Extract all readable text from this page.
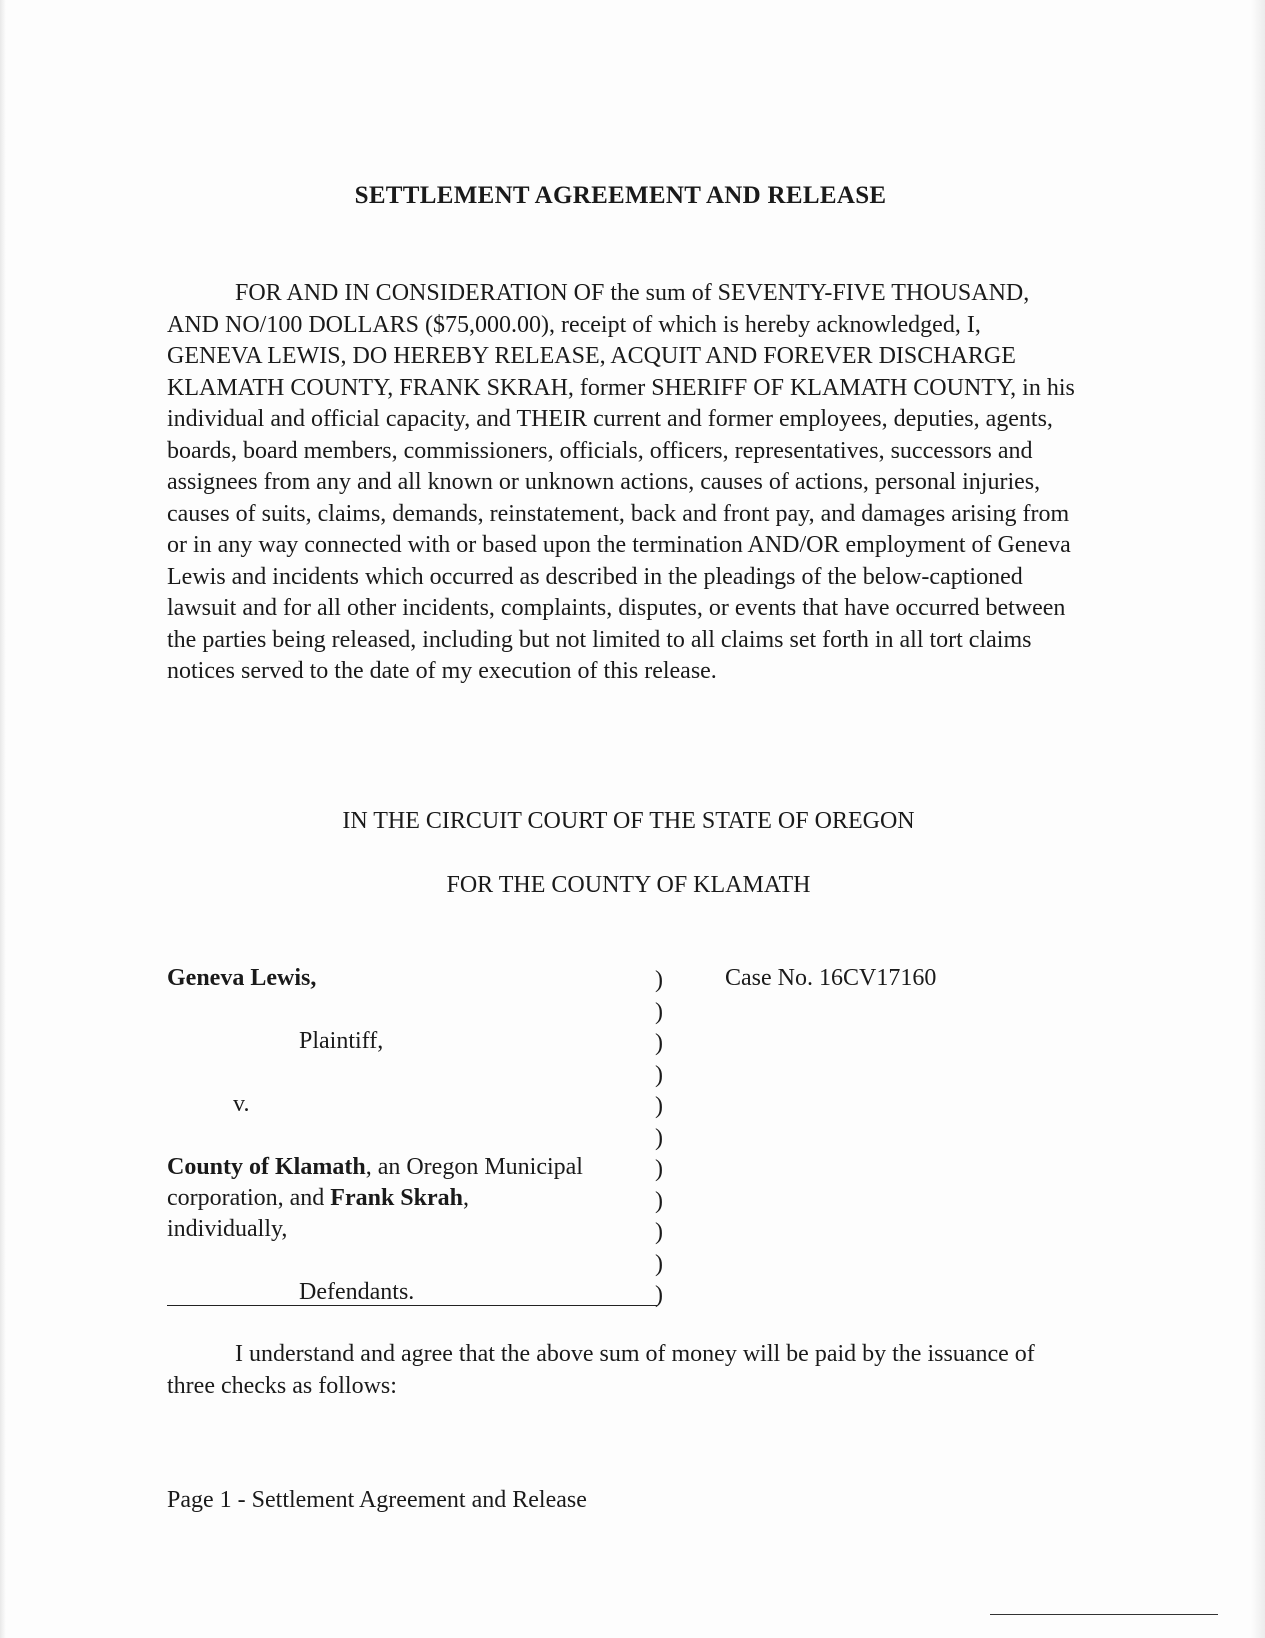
SETTLEMENT AGREEMENT AND RELEASE

FOR AND IN CONSIDERATION OF the sum of SEVENTY-FIVE THOUSAND, AND NO/100 DOLLARS ($75,000.00), receipt of which is hereby acknowledged, I, GENEVA LEWIS, DO HEREBY RELEASE, ACQUIT AND FOREVER DISCHARGE KLAMATH COUNTY, FRANK SKRAH, former SHERIFF OF KLAMATH COUNTY, in his individual and official capacity, and THEIR current and former employees, deputies, agents, boards, board members, commissioners, officials, officers, representatives, successors and assignees from any and all known or unknown actions, causes of actions, personal injuries, causes of suits, claims, demands, reinstatement, back and front pay, and damages arising from or in any way connected with or based upon the termination AND/OR employment of Geneva Lewis and incidents which occurred as described in the pleadings of the below-captioned lawsuit and for all other incidents, complaints, disputes, or events that have occurred between the parties being released, including but not limited to all claims set forth in all tort claims notices served to the date of my execution of this release.

IN THE CIRCUIT COURT OF THE STATE OF OREGON
FOR THE COUNTY OF KLAMATH
Geneva Lewis,
Plaintiff,
v.
County of Klamath, an Oregon Municipal
corporation, and Frank Skrah,
individually,
Defendants.
)
)
)
)
)
)
)
)
)
)
)
Case No. 16CV17160

I understand and agree that the above sum of money will be paid by the issuance of three checks as follows:

Page 1 - Settlement Agreement and Release
